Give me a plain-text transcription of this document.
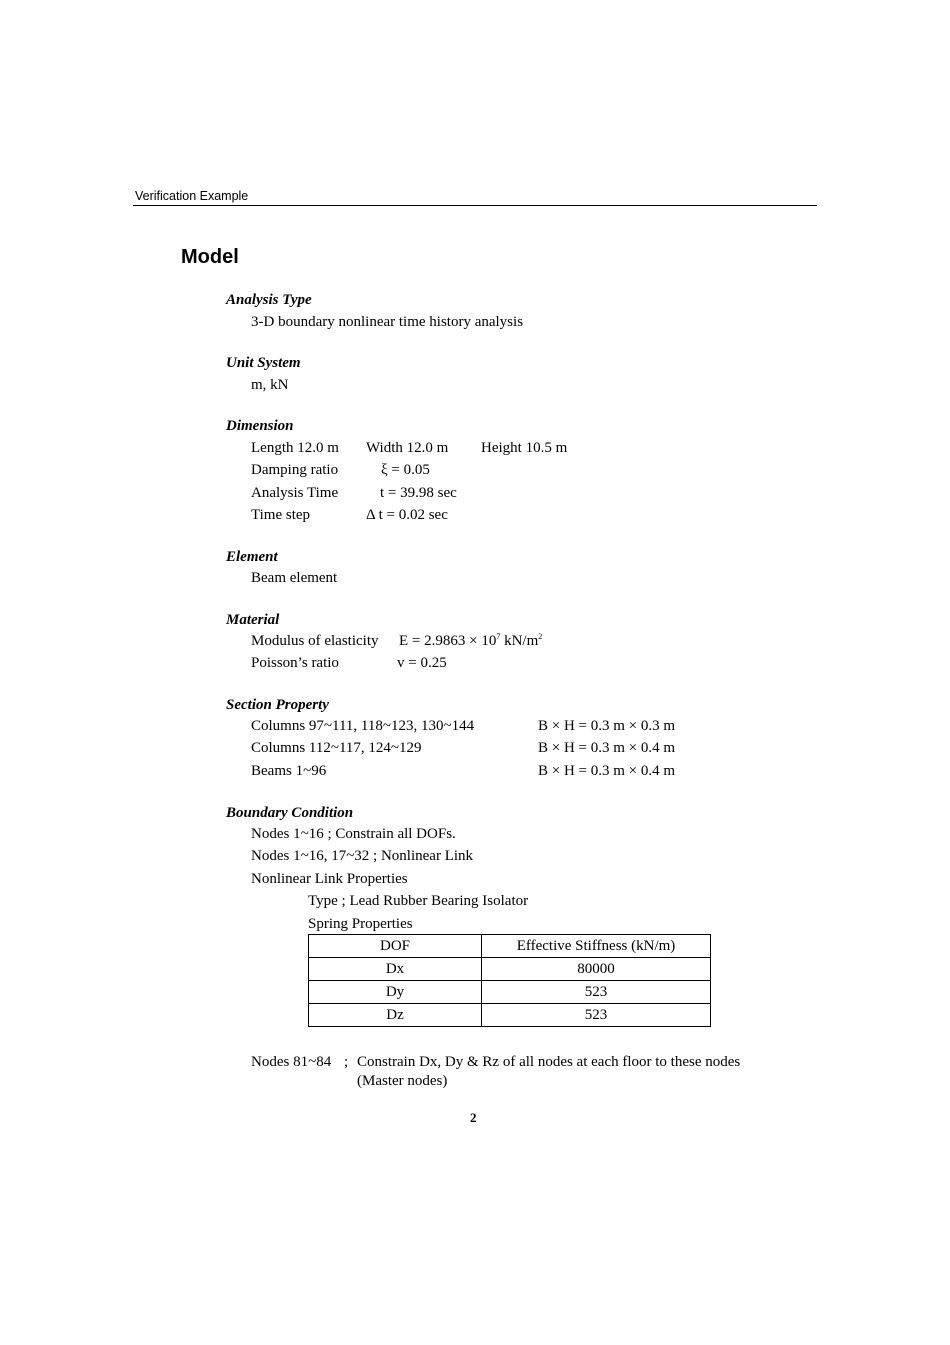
Verification Example
Model
Analysis Type
3-D boundary nonlinear time history analysis
Unit System
m, kN
Dimension
Length 12.0 m Width 12.0 m Height 10.5 m
Damping ratio	ξ = 0.05
Analysis Time	t = 39.98 sec
Time step	Δ t = 0.02 sec
Element
Beam element
Material
Modulus of elasticity $E = 2.9863 \times 10^7$ $kN/m^2$
Poisson’s ratio	v = 0.25
Section Property
Columns 97~111, 118~123, 130~144	B × H = 0.3 m × 0.3 m
Columns 112~117, 124~129	B × H = 0.3 m × 0.4 m
Beams 1~96	B × H = 0.3 m × 0.4 m
Boundary Condition
Nodes 1~16 ; Constrain all DOFs.
Nodes 1~16, 17~32 ; Nonlinear Link
Nonlinear Link Properties
Type ; Lead Rubber Bearing Isolator
Spring Properties
DOF	Effective Stiffness (kN/m)
Dx	80000
Dy	523
Dz	523
Nodes 81~84 ; Constrain Dx, Dy & Rz of all nodes at each floor to these nodes
(Master nodes)
2
